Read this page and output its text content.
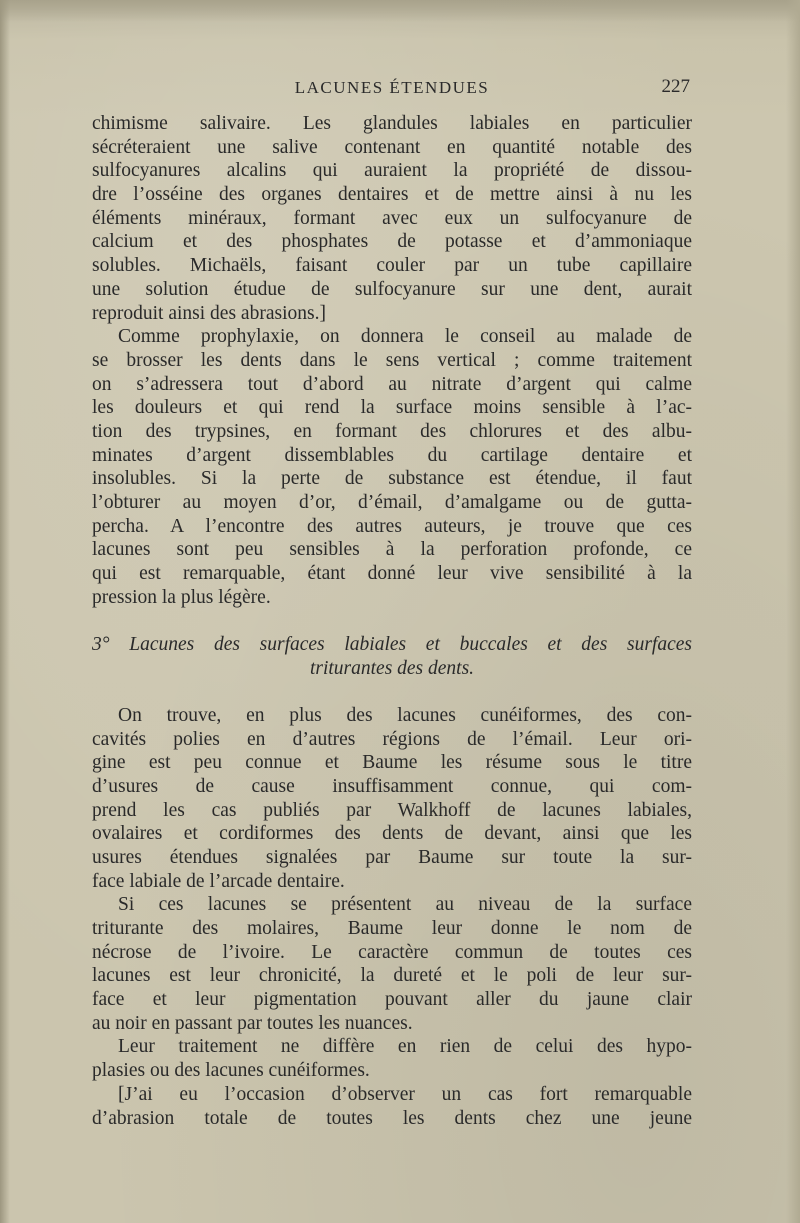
LACUNES ÉTENDUES	227
chimisme salivaire. Les glandules labiales en particulier
sécréteraient une salive contenant en quantité notable des
sulfocyanures alcalins qui auraient la propriété de dissou-
dre l’osséine des organes dentaires et de mettre ainsi à nu les
éléments minéraux, formant avec eux un sulfocyanure de
calcium et des phosphates de potasse et d’ammoniaque
solubles. Michaëls, faisant couler par un tube capillaire
une solution étudue de sulfocyanure sur une dent, aurait
reproduit ainsi des abrasions.]
Comme prophylaxie, on donnera le conseil au malade de
se brosser les dents dans le sens vertical ; comme traitement
on s’adressera tout d’abord au nitrate d’argent qui calme
les douleurs et qui rend la surface moins sensible à l’ac-
tion des trypsines, en formant des chlorures et des albu-
minates d’argent dissemblables du cartilage dentaire et
insolubles. Si la perte de substance est étendue, il faut
l’obturer au moyen d’or, d’émail, d’amalgame ou de gutta-
percha. A l’encontre des autres auteurs, je trouve que ces
lacunes sont peu sensibles à la perforation profonde, ce
qui est remarquable, étant donné leur vive sensibilité à la
pression la plus légère.
3° Lacunes des surfaces labiales et buccales et des surfaces
triturantes des dents.
On trouve, en plus des lacunes cunéiformes, des con-
cavités polies en d’autres régions de l’émail. Leur ori-
gine est peu connue et Baume les résume sous le titre
d’usures de cause insuffisamment connue, qui com-
prend les cas publiés par Walkhoff de lacunes labiales,
ovalaires et cordiformes des dents de devant, ainsi que les
usures étendues signalées par Baume sur toute la sur-
face labiale de l’arcade dentaire.
Si ces lacunes se présentent au niveau de la surface
triturante des molaires, Baume leur donne le nom de
nécrose de l’ivoire. Le caractère commun de toutes ces
lacunes est leur chronicité, la dureté et le poli de leur sur-
face et leur pigmentation pouvant aller du jaune clair
au noir en passant par toutes les nuances.
Leur traitement ne diffère en rien de celui des hypo-
plasies ou des lacunes cunéiformes.
[J’ai eu l’occasion d’observer un cas fort remarquable
d’abrasion totale de toutes les dents chez une jeune
